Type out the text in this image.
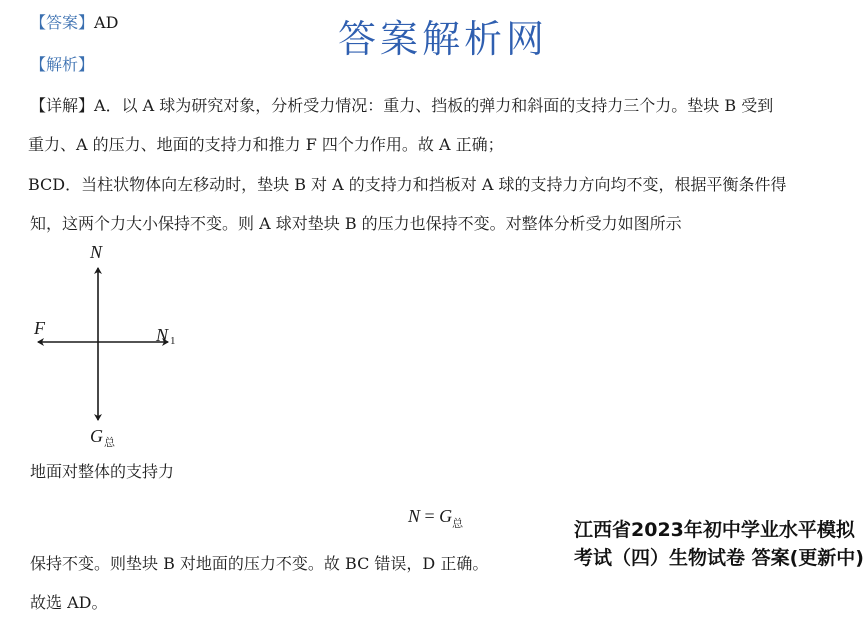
【答案】AD	答案解析网
【解析】
【详解】A．以 A 球为研究对象，分析受力情况：重力、挡板的弹力和斜面的支持力三个力。垫块 B 受到
重力、A 的压力、地面的支持力和推力 F 四个力作用。故 A 正确；
BCD．当柱状物体向左移动时，垫块 B 对 A 的支持力和挡板对 A 球的支持力方向均不变，根据平衡条件得
知，这两个力大小保持不变。则 A 球对垫块 B 的压力也保持不变。对整体分析受力如图所示
N
F	N 1
G 总
地面对整体的支持力
$N = G_总$
保持不变。则垫块 B 对地面的压力不变。故 BC 错误，D 正确。
故选 AD。
江西省2023年初中学业水平模拟考试（四）生物试卷 答案(更新中)
